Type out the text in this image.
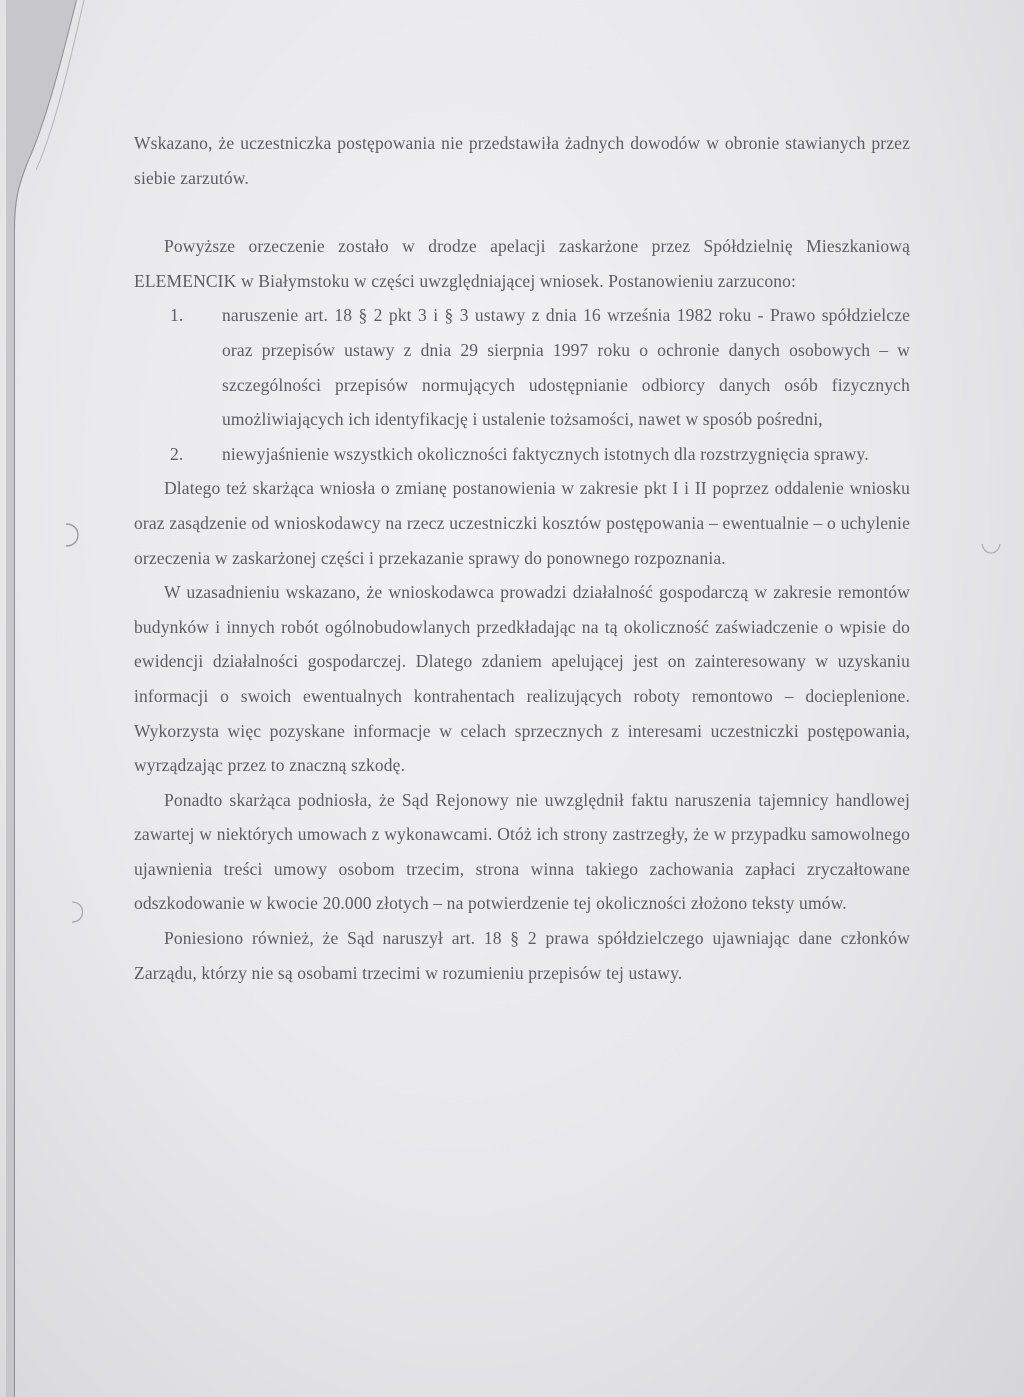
Wskazano, że uczestniczka postępowania nie przedstawiła żadnych dowodów w obronie stawianych przez siebie zarzutów.

Powyższe orzeczenie zostało w drodze apelacji zaskarżone przez Spółdzielnię Mieszkaniową ELEMENCIK w Białymstoku w części uwzględniającej wniosek. Postanowieniu zarzucono:

1. naruszenie art. 18 § 2 pkt 3 i § 3 ustawy z dnia 16 września 1982 roku - Prawo spółdzielcze oraz przepisów ustawy z dnia 29 sierpnia 1997 roku o ochronie danych osobowych – w szczególności przepisów normujących udostępnianie odbiorcy danych osób fizycznych umożliwiających ich identyfikację i ustalenie tożsamości, nawet w sposób pośredni,
2. niewyjaśnienie wszystkich okoliczności faktycznych istotnych dla rozstrzygnięcia sprawy.

Dlatego też skarżąca wniosła o zmianę postanowienia w zakresie pkt I i II poprzez oddalenie wniosku oraz zasądzenie od wnioskodawcy na rzecz uczestniczki kosztów postępowania – ewentualnie – o uchylenie orzeczenia w zaskarżonej części i przekazanie sprawy do ponownego rozpoznania.

W uzasadnieniu wskazano, że wnioskodawca prowadzi działalność gospodarczą w zakresie remontów budynków i innych robót ogólnobudowlanych przedkładając na tą okoliczność zaświadczenie o wpisie do ewidencji działalności gospodarczej. Dlatego zdaniem apelującej jest on zainteresowany w uzyskaniu informacji o swoich ewentualnych kontrahentach realizujących roboty remontowo – docieplenione. Wykorzysta więc pozyskane informacje w celach sprzecznych z interesami uczestniczki postępowania, wyrządzając przez to znaczną szkodę.

Ponadto skarżąca podniosła, że Sąd Rejonowy nie uwzględnił faktu naruszenia tajemnicy handlowej zawartej w niektórych umowach z wykonawcami. Otóż ich strony zastrzegły, że w przypadku samowolnego ujawnienia treści umowy osobom trzecim, strona winna takiego zachowania zapłaci zryczałtowane odszkodowanie w kwocie 20.000 złotych – na potwierdzenie tej okoliczności złożono teksty umów.

Poniesiono również, że Sąd naruszył art. 18 § 2 prawa spółdzielczego ujawniając dane członków Zarządu, którzy nie są osobami trzecimi w rozumieniu przepisów tej ustawy.
